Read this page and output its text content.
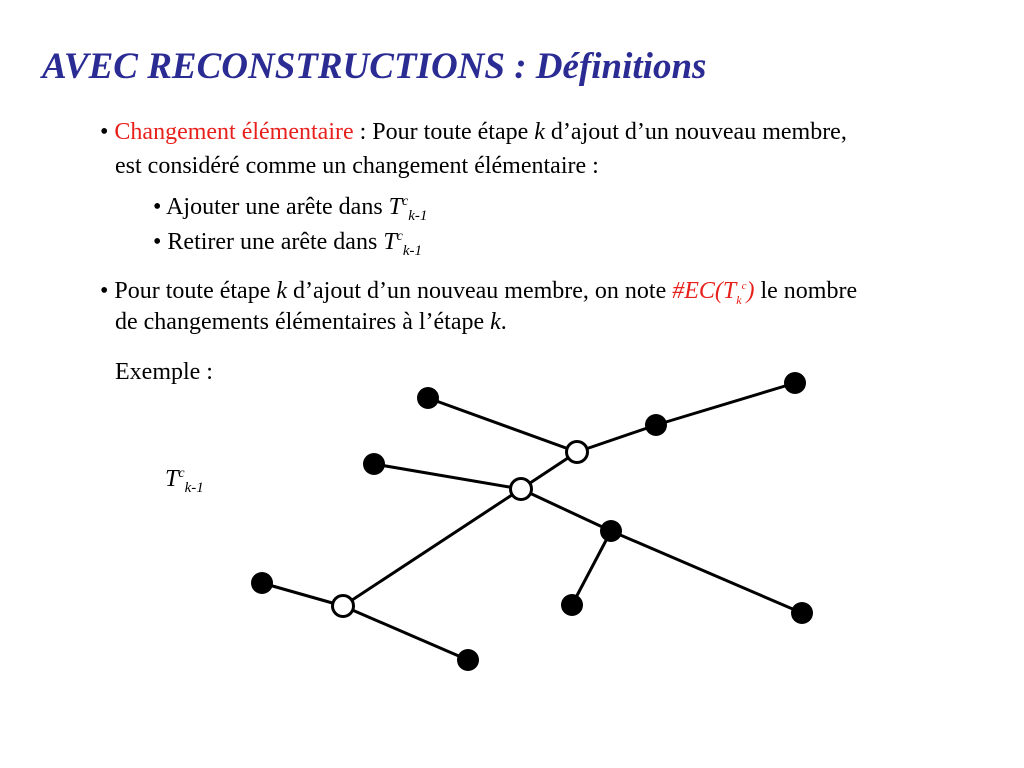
AVEC RECONSTRUCTIONS : Définitions
• Changement élémentaire : Pour toute étape k d’ajout d’un nouveau membre,
est considéré comme un changement élémentaire :
• Ajouter une arête dans $T^c_{k-1}$
• Retirer une arête dans $T^c_{k-1}$
• Pour toute étape k d’ajout d’un nouveau membre, on note $\#EC(T_k^c)$ le nombre
de changements élémentaires à l’étape k.
Exemple :
$T^c_{k-1}$
